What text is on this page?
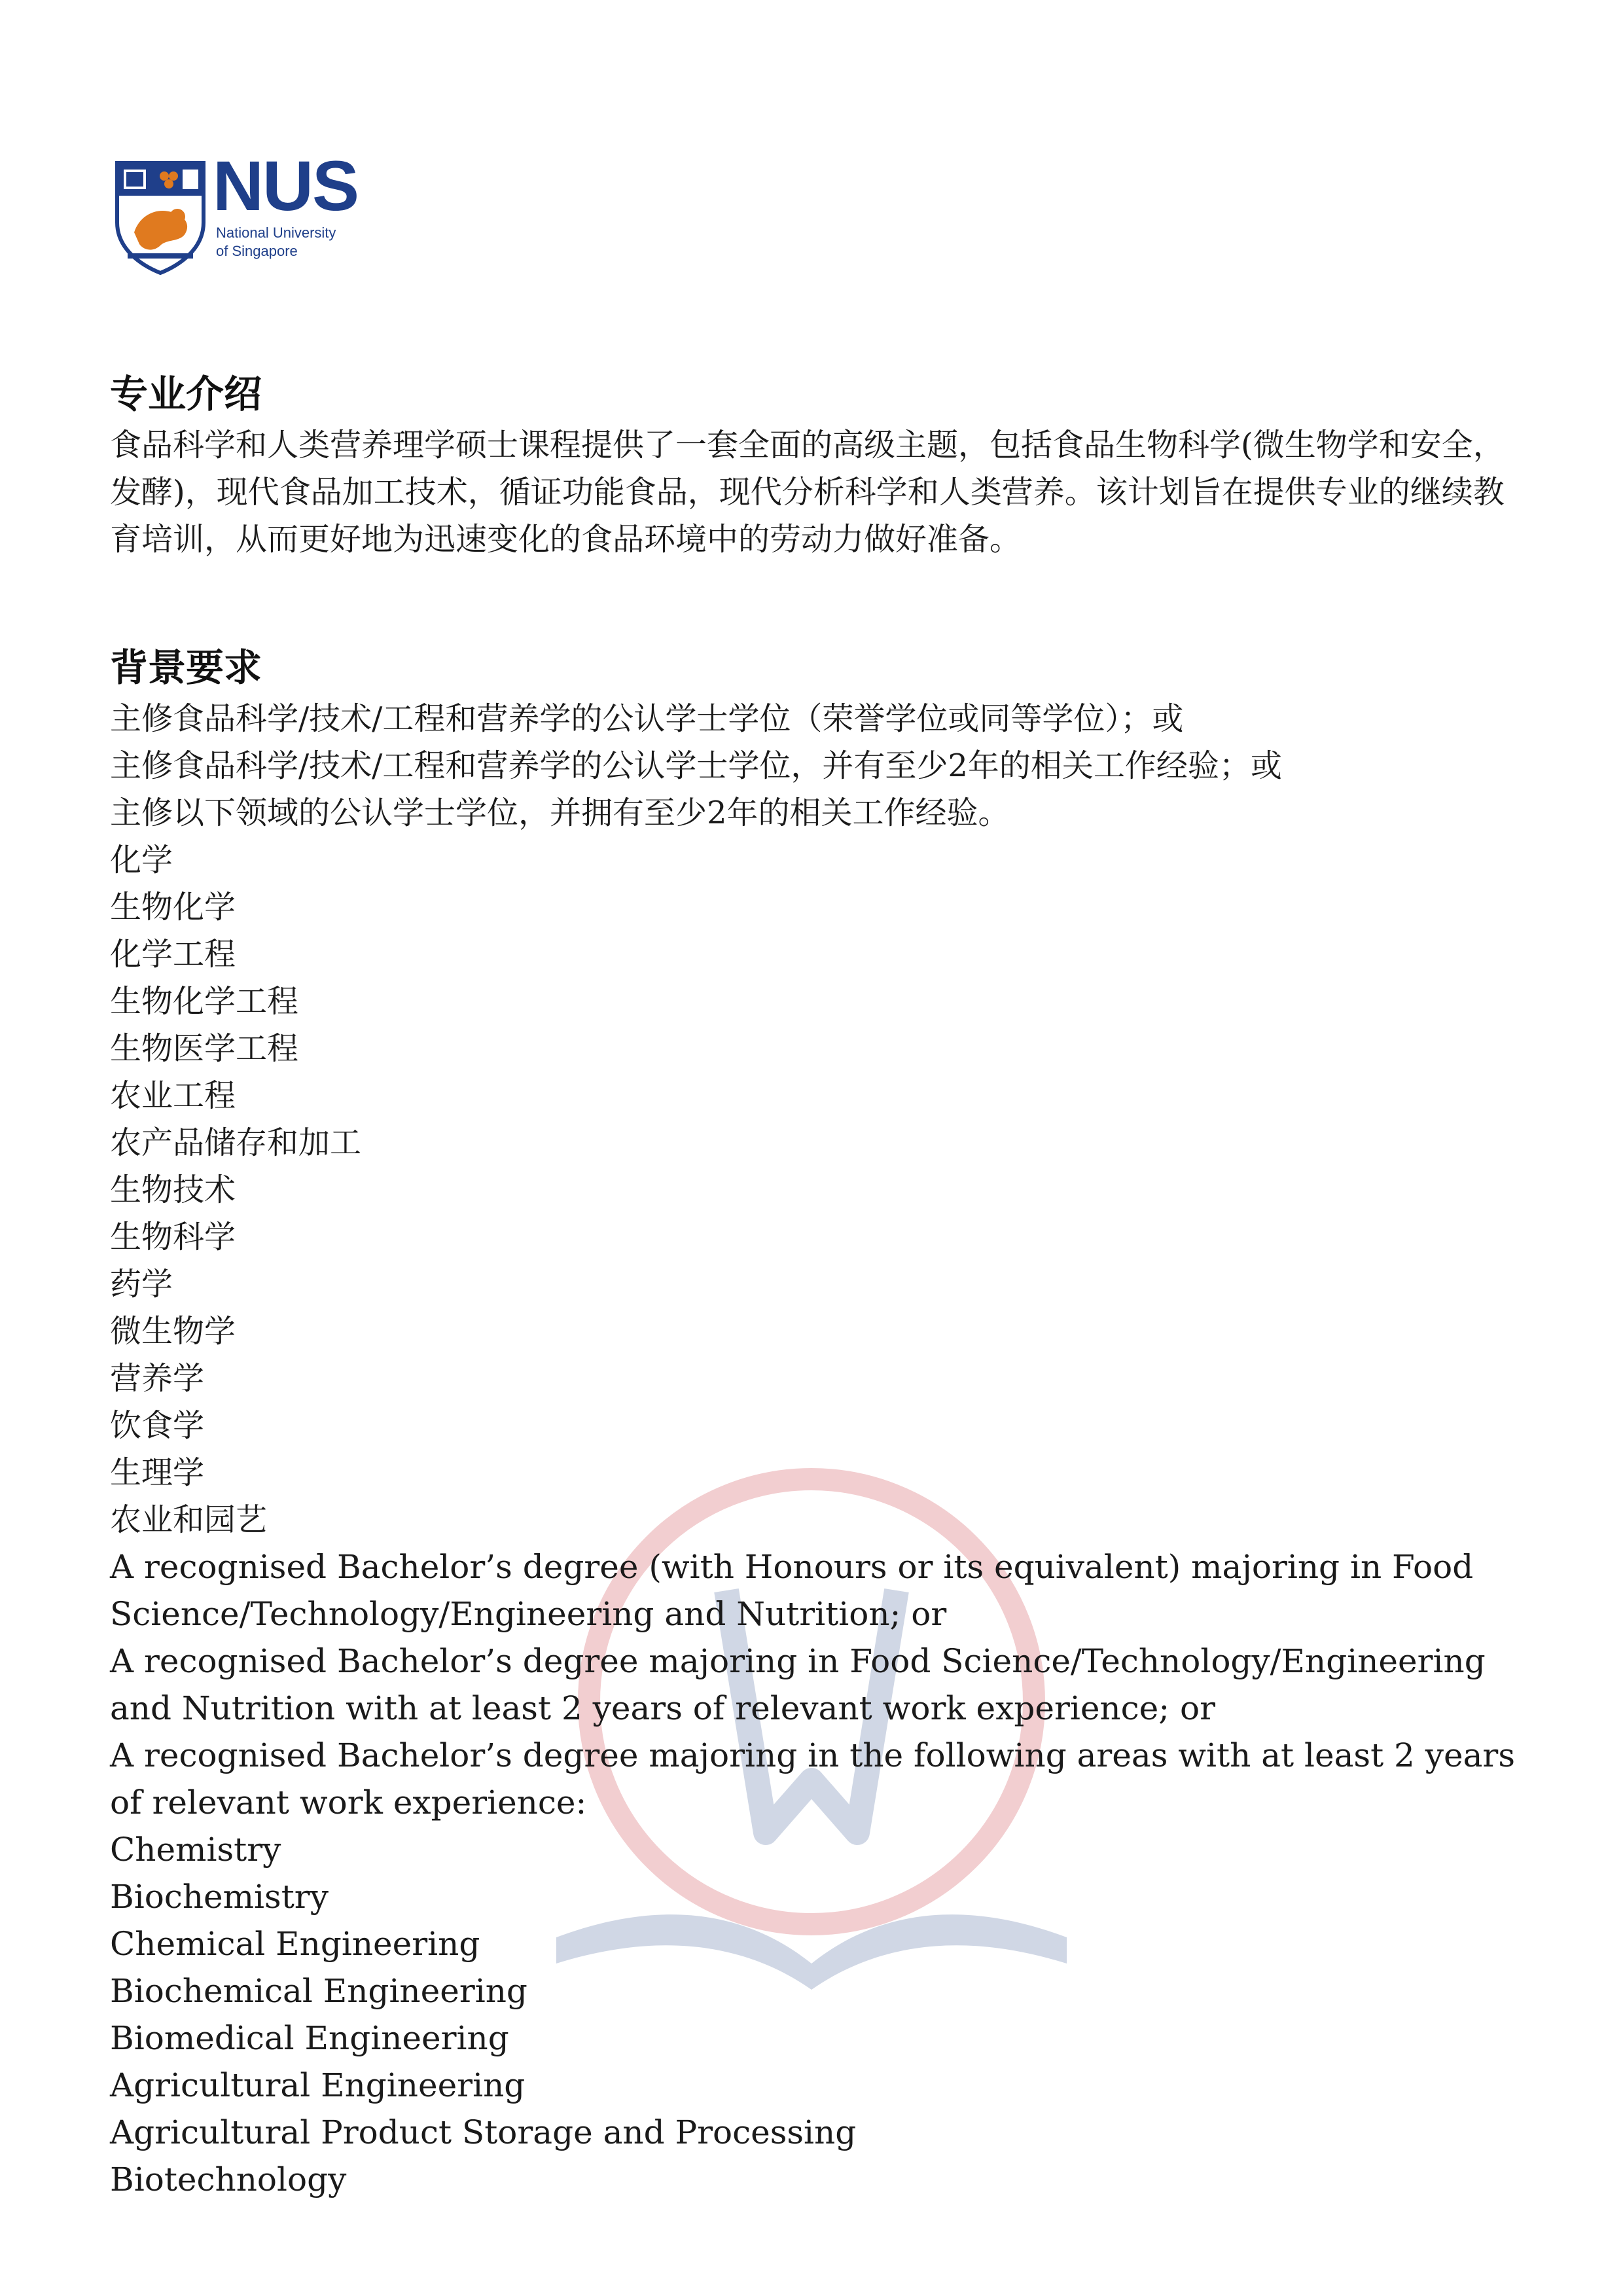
NUS
National University
of Singapore
专业介绍

食品科学和人类营养理学硕士课程提供了一套全面的高级主题，包括食品生物科学(微生物学和安全，发酵)，现代食品加工技术，循证功能食品，现代分析科学和人类营养。该计划旨在提供专业的继续教育培训，从而更好地为迅速变化的食品环境中的劳动力做好准备。

背景要求

主修食品科学/技术/工程和营养学的公认学士学位（荣誉学位或同等学位）；或

主修食品科学/技术/工程和营养学的公认学士学位，并有至少2年的相关工作经验；或

主修以下领域的公认学士学位，并拥有至少2年的相关工作经验。

化学

生物化学

化学工程

生物化学工程

生物医学工程

农业工程

农产品储存和加工

生物技术

生物科学

药学

微生物学

营养学

饮食学

生理学

农业和园艺

A recognised Bachelor’s degree (with Honours or its equivalent) majoring in Food Science/Technology/Engineering and Nutrition; or

A recognised Bachelor’s degree majoring in Food Science/Technology/Engineering and Nutrition with at least 2 years of relevant work experience; or

A recognised Bachelor’s degree majoring in the following areas with at least 2 years of relevant work experience:

Chemistry

Biochemistry

Chemical Engineering

Biochemical Engineering

Biomedical Engineering

Agricultural Engineering

Agricultural Product Storage and Processing

Biotechnology
